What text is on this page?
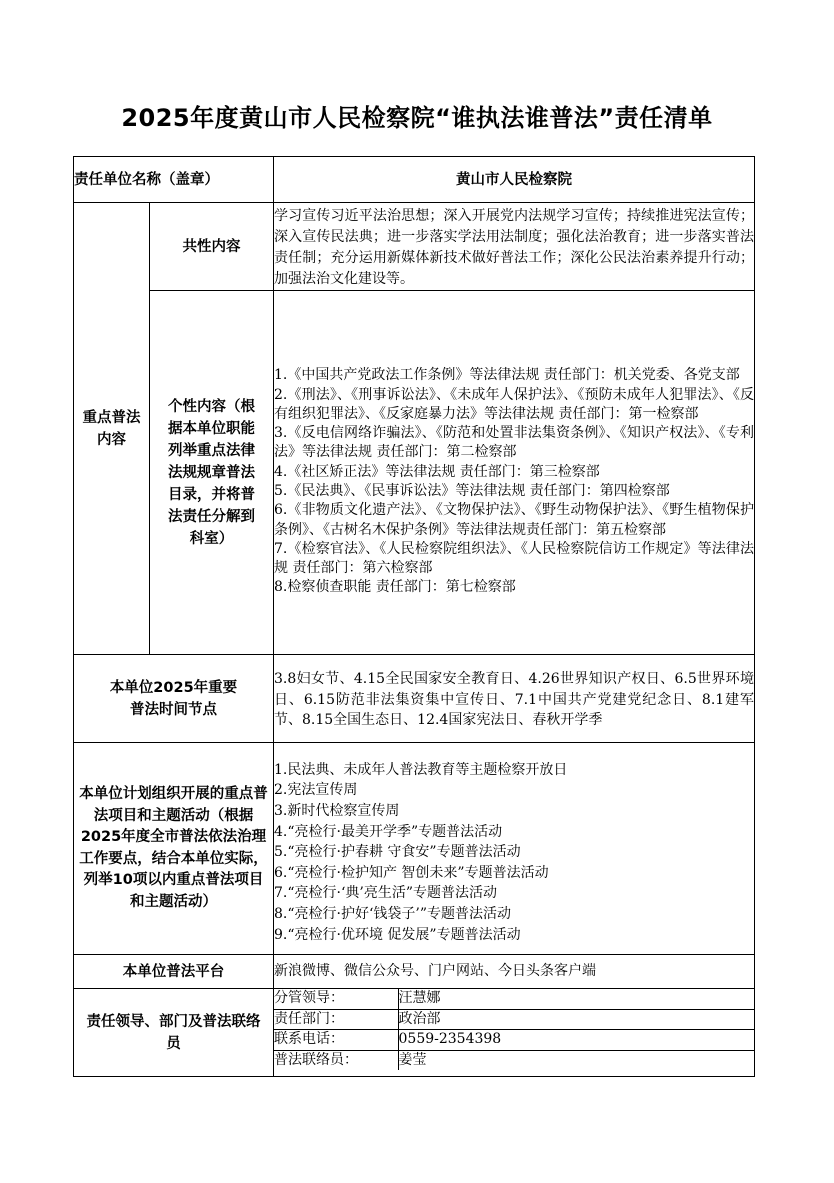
2025年度黄山市人民检察院“谁执法谁普法”责任清单
责任单位名称（盖章）	黄山市人民检察院

重点普法内容
	共性内容	学习宣传习近平法治思想；深入开展党内法规学习宣传；持续推进宪法宣传；深入宣传民法典；进一步落实学法用法制度；强化法治教育；进一步落实普法责任制；充分运用新媒体新技术做好普法工作；深化公民法治素养提升行动；加强法治文化建设等。

个性内容（根据本单位职能列举重点法律法规规章普法目录，并将普法责任分解到科室）

1.《中国共产党政法工作条例》等法律法规 责任部门：机关党委、各党支部
2.《刑法》、《刑事诉讼法》、《未成年人保护法》、《预防未成年人犯罪法》、《反有组织犯罪法》、《反家庭暴力法》等法律法规 责任部门：第一检察部
3.《反电信网络诈骗法》、《防范和处置非法集资条例》、《知识产权法》、《专利法》等法律法规 责任部门：第二检察部
4.《社区矫正法》等法律法规 责任部门：第三检察部
5.《民法典》、《民事诉讼法》等法律法规 责任部门：第四检察部
6.《非物质文化遗产法》、《文物保护法》、《野生动物保护法》、《野生植物保护条例》、《古树名木保护条例》等法律法规责任部门：第五检察部
7.《检察官法》、《人民检察院组织法》、《人民检察院信访工作规定》等法律法规 责任部门：第六检察部
8.检察侦查职能 责任部门：第七检察部

本单位2025年重要
普法时间节点
	3.8妇女节、4.15全民国家安全教育日、4.26世界知识产权日、6.5世界环境日、6.15防范非法集资集中宣传日、7.1中国共产党建党纪念日、8.1建军节、8.15全国生态日、12.4国家宪法日、春秋开学季
本单位计划组织开展的重点普法项目和主题活动（根据2025年度全市普法依法治理工作要点，结合本单位实际，列举10项以内重点普法项目和主题活动）	
1.民法典、未成年人普法教育等主题检察开放日
2.宪法宣传周
3.新时代检察宣传周
4.“亮检行·最美开学季”专题普法活动
5.“亮检行·护春耕 守食安”专题普法活动
6.“亮检行·检护知产 智创未来”专题普法活动
7.“亮检行·‘典’亮生活”专题普法活动
8.“亮检行·护好‘钱袋子’”专题普法活动
9.“亮检行·优环境 促发展”专题普法活动

本单位普法平台	新浪微博、微信公众号、门户网站、今日头条客户端
责任领导、部门及普法联络员	
分管领导：	汪慧娜
责任部门：	政治部
联系电话：	0559-2354398
普法联络员：	姜莹
